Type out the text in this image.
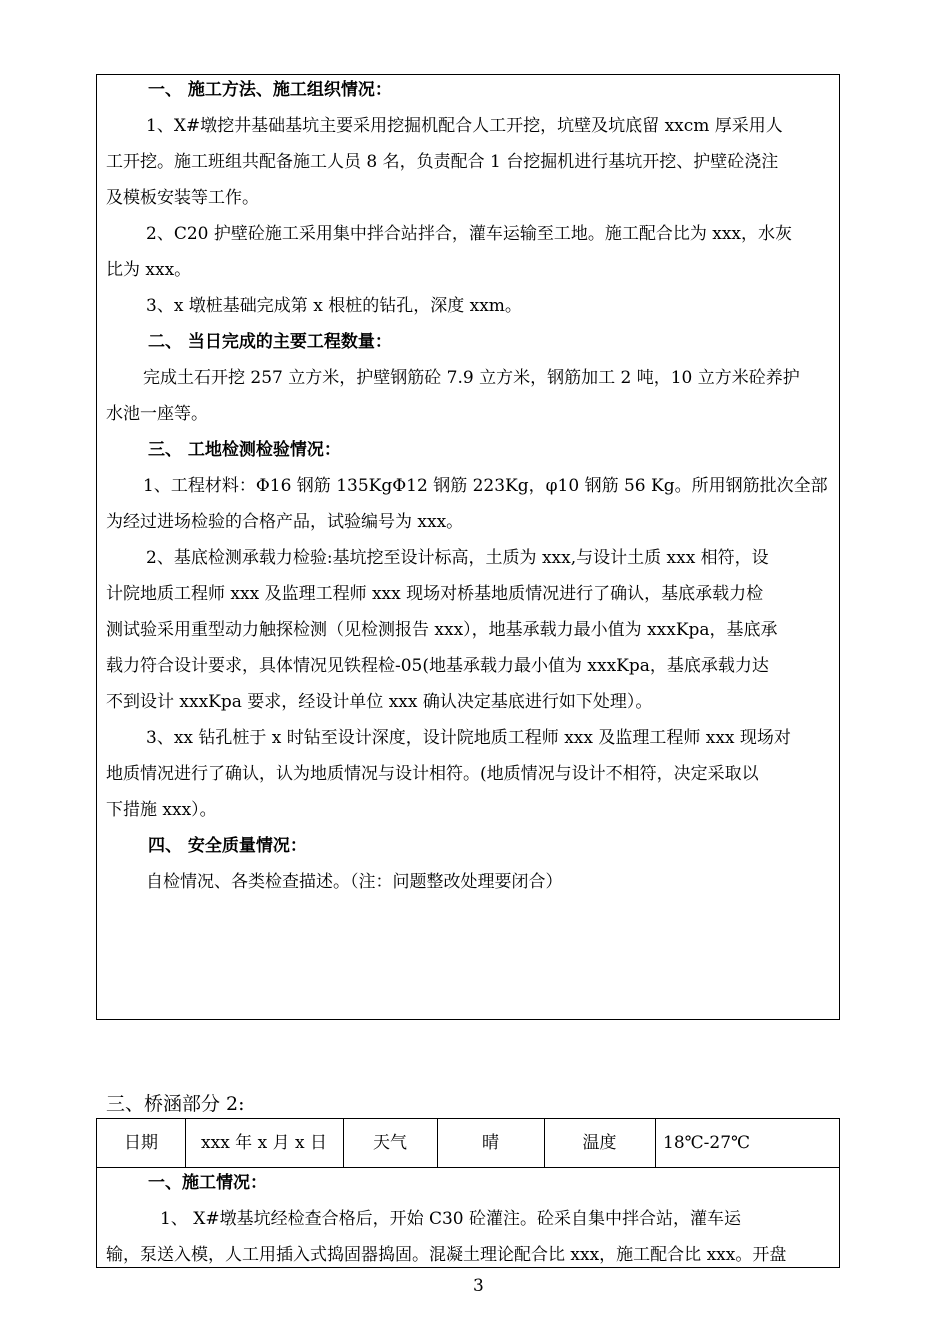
一、 施工方法、施工组织情况：
1、X#墩挖井基础基坑主要采用挖掘机配合人工开挖，坑壁及坑底留 xxcm 厚采用人
工开挖。施工班组共配备施工人员 8 名，负责配合 1 台挖掘机进行基坑开挖、护壁砼浇注
及模板安装等工作。
2、C20 护壁砼施工采用集中拌合站拌合，灌车运输至工地。施工配合比为 xxx，水灰
比为 xxx。
3、x 墩桩基础完成第 x 根桩的钻孔，深度 xxm。
二、 当日完成的主要工程数量：
完成土石开挖 257 立方米，护壁钢筋砼 7.9 立方米，钢筋加工 2 吨，10 立方米砼养护
水池一座等。
三、 工地检测检验情况：
1、工程材料：Φ16 钢筋 135KgΦ12 钢筋 223Kg，φ10 钢筋 56 Kg。所用钢筋批次全部
为经过进场检验的合格产品，试验编号为 xxx。
2、基底检测承载力检验:基坑挖至设计标高，土质为 xxx,与设计土质 xxx 相符，设
计院地质工程师 xxx 及监理工程师 xxx 现场对桥基地质情况进行了确认，基底承载力检
测试验采用重型动力触探检测（见检测报告 xxx），地基承载力最小值为 xxxKpa，基底承
载力符合设计要求，具体情况见铁程检-05(地基承载力最小值为 xxxKpa，基底承载力达
不到设计 xxxKpa 要求，经设计单位 xxx 确认决定基底进行如下处理）。
3、xx 钻孔桩于 x 时钻至设计深度，设计院地质工程师 xxx 及监理工程师 xxx 现场对
地质情况进行了确认，认为地质情况与设计相符。(地质情况与设计不相符，决定采取以
下措施 xxx）。
四、 安全质量情况：
自检情况、各类检查描述。（注：问题整改处理要闭合）
三、桥涵部分 2:
日期	xxx 年 x 月 x 日	天气	晴	温度	18℃-27℃
一、施工情况：
1、 X#墩基坑经检查合格后，开始 C30 砼灌注。砼采自集中拌合站，灌车运
输，泵送入模，人工用插入式捣固器捣固。混凝土理论配合比 xxx，施工配合比 xxx。开盘
3
